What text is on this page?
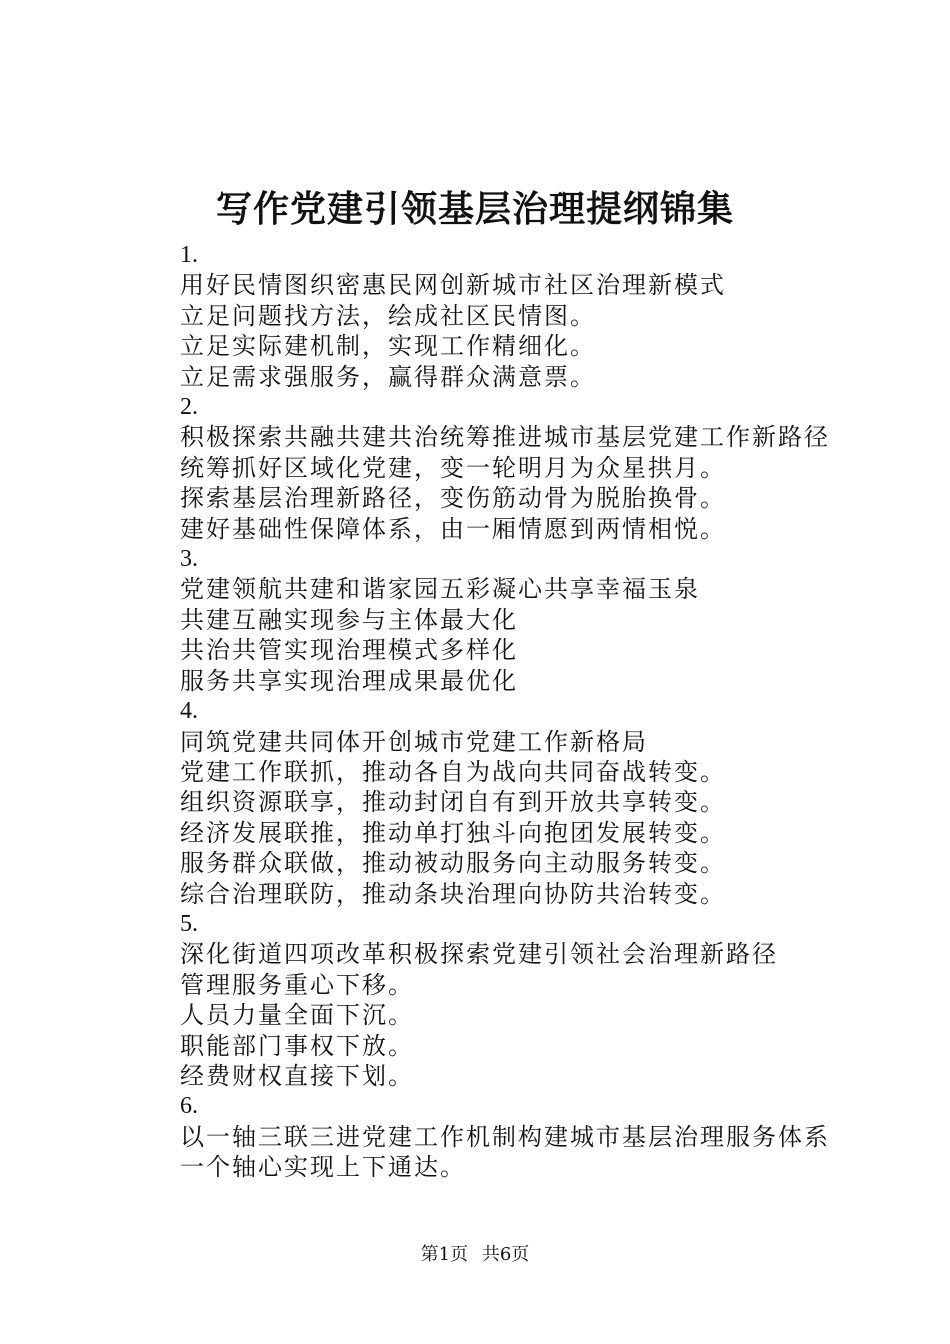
写作党建引领基层治理提纲锦集
1.
用好民情图织密惠民网创新城市社区治理新模式
立足问题找方法，绘成社区民情图。
立足实际建机制，实现工作精细化。
立足需求强服务，赢得群众满意票。
2.
积极探索共融共建共治统筹推进城市基层党建工作新路径
统筹抓好区域化党建，变一轮明月为众星拱月。
探索基层治理新路径，变伤筋动骨为脱胎换骨。
建好基础性保障体系，由一厢情愿到两情相悦。
3.
党建领航共建和谐家园五彩凝心共享幸福玉泉
共建互融实现参与主体最大化
共治共管实现治理模式多样化
服务共享实现治理成果最优化
4.
同筑党建共同体开创城市党建工作新格局
党建工作联抓，推动各自为战向共同奋战转变。
组织资源联享，推动封闭自有到开放共享转变。
经济发展联推，推动单打独斗向抱团发展转变。
服务群众联做，推动被动服务向主动服务转变。
综合治理联防，推动条块治理向协防共治转变。
5.
深化街道四项改革积极探索党建引领社会治理新路径
管理服务重心下移。
人员力量全面下沉。
职能部门事权下放。
经费财权直接下划。
6.
以一轴三联三进党建工作机制构建城市基层治理服务体系
一个轴心实现上下通达。
第1页 共6页
